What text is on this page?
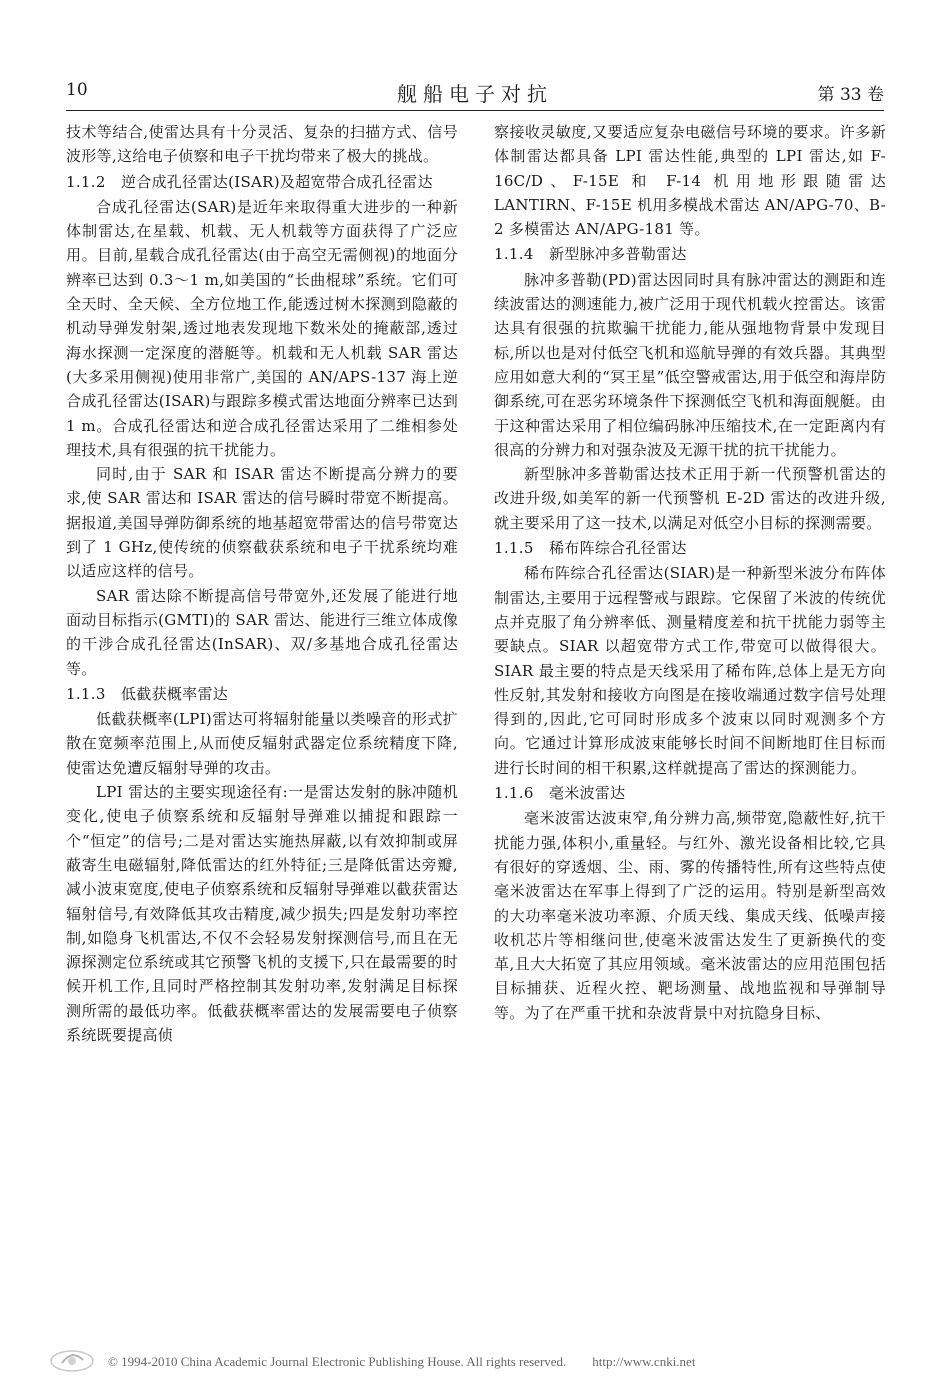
10	舰船电子对抗	第 33 卷

技术等结合,使雷达具有十分灵活、复杂的扫描方式、信号波形等,这给电子侦察和电子干扰均带来了极大的挑战。

1.1.2　逆合成孔径雷达(ISAR)及超宽带合成孔径雷达

合成孔径雷达(SAR)是近年来取得重大进步的一种新体制雷达,在星载、机载、无人机载等方面获得了广泛应用。目前,星载合成孔径雷达(由于高空无需侧视)的地面分辨率已达到 0.3～1 m,如美国的“长曲棍球”系统。它们可全天时、全天候、全方位地工作,能透过树木探测到隐蔽的机动导弹发射架,透过地表发现地下数米处的掩蔽部,透过海水探测一定深度的潜艇等。机载和无人机载 SAR 雷达(大多采用侧视)使用非常广,美国的 AN/APS-137 海上逆合成孔径雷达(ISAR)与跟踪多模式雷达地面分辨率已达到 1 m。合成孔径雷达和逆合成孔径雷达采用了二维相参处理技术,具有很强的抗干扰能力。

同时,由于 SAR 和 ISAR 雷达不断提高分辨力的要求,使 SAR 雷达和 ISAR 雷达的信号瞬时带宽不断提高。据报道,美国导弹防御系统的地基超宽带雷达的信号带宽达到了 1 GHz,使传统的侦察截获系统和电子干扰系统均难以适应这样的信号。

SAR 雷达除不断提高信号带宽外,还发展了能进行地面动目标指示(GMTI)的 SAR 雷达、能进行三维立体成像的干涉合成孔径雷达(InSAR)、双/多基地合成孔径雷达等。

1.1.3　低截获概率雷达

低截获概率(LPI)雷达可将辐射能量以类噪音的形式扩散在宽频率范围上,从而使反辐射武器定位系统精度下降,使雷达免遭反辐射导弹的攻击。

LPI 雷达的主要实现途径有:一是雷达发射的脉冲随机变化,使电子侦察系统和反辐射导弹难以捕捉和跟踪一个“恒定”的信号;二是对雷达实施热屏蔽,以有效抑制或屏蔽寄生电磁辐射,降低雷达的红外特征;三是降低雷达旁瓣,减小波束宽度,使电子侦察系统和反辐射导弹难以截获雷达辐射信号,有效降低其攻击精度,减少损失;四是发射功率控制,如隐身飞机雷达,不仅不会轻易发射探测信号,而且在无源探测定位系统或其它预警飞机的支援下,只在最需要的时候开机工作,且同时严格控制其发射功率,发射满足目标探测所需的最低功率。低截获概率雷达的发展需要电子侦察系统既要提高侦

察接收灵敏度,又要适应复杂电磁信号环境的要求。许多新体制雷达都具备 LPI 雷达性能,典型的 LPI 雷达,如 F-16C/D、F-15E 和 F-14 机用地形跟随雷达 LANTIRN、F-15E 机用多模战术雷达 AN/APG-70、B-2 多模雷达 AN/APG-181 等。

1.1.4　新型脉冲多普勒雷达

脉冲多普勒(PD)雷达因同时具有脉冲雷达的测距和连续波雷达的测速能力,被广泛用于现代机载火控雷达。该雷达具有很强的抗欺骗干扰能力,能从强地物背景中发现目标,所以也是对付低空飞机和巡航导弹的有效兵器。其典型应用如意大利的“冥王星”低空警戒雷达,用于低空和海岸防御系统,可在恶劣环境条件下探测低空飞机和海面舰艇。由于这种雷达采用了相位编码脉冲压缩技术,在一定距离内有很高的分辨力和对强杂波及无源干扰的抗干扰能力。

新型脉冲多普勒雷达技术正用于新一代预警机雷达的改进升级,如美军的新一代预警机 E-2D 雷达的改进升级,就主要采用了这一技术,以满足对低空小目标的探测需要。

1.1.5　稀布阵综合孔径雷达

稀布阵综合孔径雷达(SIAR)是一种新型米波分布阵体制雷达,主要用于远程警戒与跟踪。它保留了米波的传统优点并克服了角分辨率低、测量精度差和抗干扰能力弱等主要缺点。SIAR 以超宽带方式工作,带宽可以做得很大。SIAR 最主要的特点是天线采用了稀布阵,总体上是无方向性反射,其发射和接收方向图是在接收端通过数字信号处理得到的,因此,它可同时形成多个波束以同时观测多个方向。它通过计算形成波束能够长时间不间断地盯住目标而进行长时间的相干积累,这样就提高了雷达的探测能力。

1.1.6　毫米波雷达

毫米波雷达波束窄,角分辨力高,频带宽,隐蔽性好,抗干扰能力强,体积小,重量轻。与红外、激光设备相比较,它具有很好的穿透烟、尘、雨、雾的传播特性,所有这些特点使毫米波雷达在军事上得到了广泛的运用。特别是新型高效的大功率毫米波功率源、介质天线、集成天线、低噪声接收机芯片等相继问世,使毫米波雷达发生了更新换代的变革,且大大拓宽了其应用领域。毫米波雷达的应用范围包括目标捕获、近程火控、靶场测量、战地监视和导弹制导等。为了在严重干扰和杂波背景中对抗隐身目标、

© 1994-2010 China Academic Journal Electronic Publishing House. All rights reserved.　　http://www.cnki.net
